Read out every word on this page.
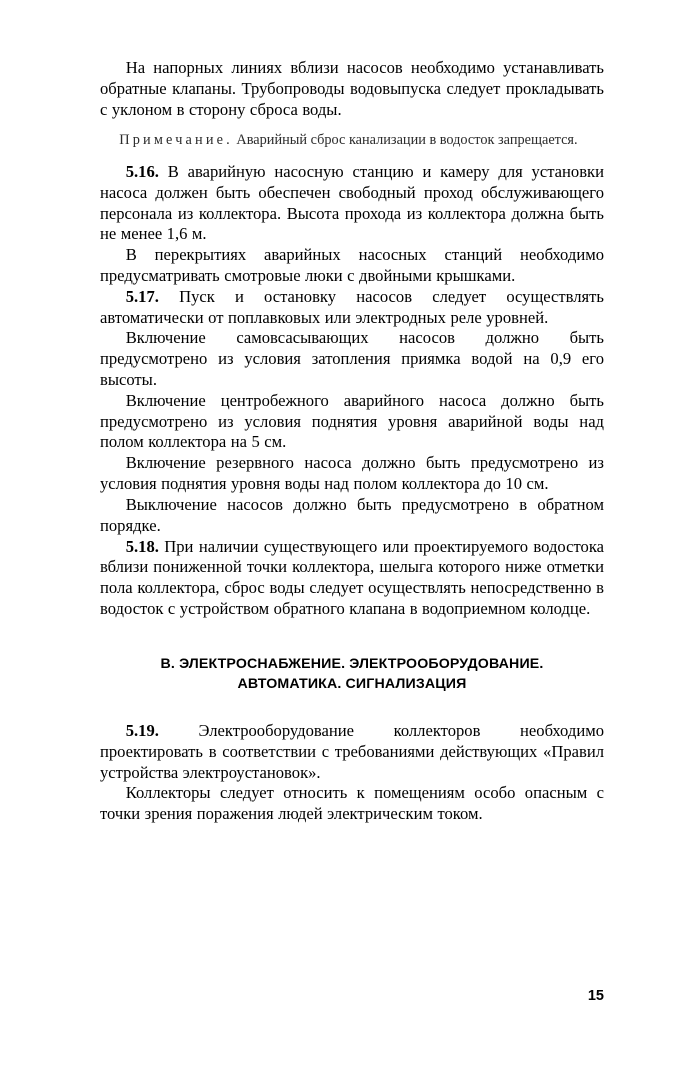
На напорных линиях вблизи насосов необходимо устанавливать обратные клапаны. Трубопроводы водовыпуска следует прокладывать с уклоном в сторону сброса воды.

Примечание. Аварийный сброс канализации в водосток запрещается.

5.16. В аварийную насосную станцию и камеру для установки насоса должен быть обеспечен свободный проход обслуживающего персонала из коллектора. Высота прохода из коллектора должна быть не менее 1,6 м.

В перекрытиях аварийных насосных станций необходимо предусматривать смотровые люки с двойными крышками.

5.17. Пуск и остановку насосов следует осуществлять автоматически от поплавковых или электродных реле уровней.

Включение самовсасывающих насосов должно быть предусмотрено из условия затопления приямка водой на 0,9 его высоты.

Включение центробежного аварийного насоса должно быть предусмотрено из условия поднятия уровня аварийной воды над полом коллектора на 5 см.

Включение резервного насоса должно быть предусмотрено из условия поднятия уровня воды над полом коллектора до 10 см.

Выключение насосов должно быть предусмотрено в обратном порядке.

5.18. При наличии существующего или проектируемого водостока вблизи пониженной точки коллектора, шелыга которого ниже отметки пола коллектора, сброс воды следует осуществлять непосредственно в водосток с устройством обратного клапана в водоприемном колодце.

В. ЭЛЕКТРОСНАБЖЕНИЕ. ЭЛЕКТРООБОРУДОВАНИЕ.
АВТОМАТИКА. СИГНАЛИЗАЦИЯ

5.19. Электрооборудование коллекторов необходимо проектировать в соответствии с требованиями действующих «Правил устройства электроустановок».

Коллекторы следует относить к помещениям особо опасным с точки зрения поражения людей электрическим током.

15
